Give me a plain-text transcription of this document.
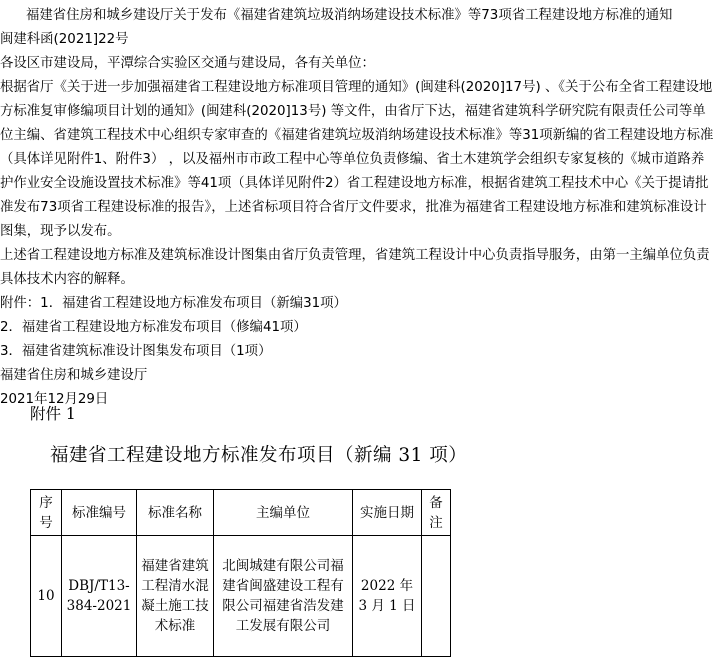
福建省住房和城乡建设厅关于发布《福建省建筑垃圾消纳场建设技术标准》等73项省工程建设地方标准的通知

闽建科函(2021]22号

各设区市建设局，平潭综合实验区交通与建设局，各有关单位：

根据省厅《关于进一步加强福建省工程建设地方标准项目管理的通知》(闽建科(2020]17号) 、《关于公布全省工程建设地方标准复审修编项目计划的通知》(闽建科(2020]13号) 等文件，由省厅下达，福建省建筑科学研究院有限责任公司等单位主编、省建筑工程技术中心组织专家审查的《福建省建筑垃圾消纳场建设技术标准》等31项新编的省工程建设地方标准（具体详见附件1、附件3） ，以及福州市市政工程中心等单位负责修编、省土木建筑学会组织专家复核的《城市道路养护作业安全设施设置技术标准》等41项（具体详见附件2）省工程建设地方标准，根据省建筑工程技术中心《关于提请批准发布73项省工程建设标准的报告》，上述省标项目符合省厅文件要求，批准为福建省工程建设地方标准和建筑标准设计图集，现予以发布。

上述省工程建设地方标准及建筑标准设计图集由省厅负责管理，省建筑工程设计中心负责指导服务，由第一主编单位负责具体技术内容的解释。

附件：1．福建省工程建设地方标准发布项目（新编31项）

2．福建省工程建设地方标准发布项目（修编41项）

3．福建省建筑标准设计图集发布项目（1项）

福建省住房和城乡建设厅

2021年12月29日

附件 1
福建省工程建设地方标准发布项目（新编 31 项）
序号	标准编号	标准名称	主编单位	实施日期	备注
10	DBJ/T13-384-2021	福建省建筑工程清水混凝土施工技术标准	北闽城建有限公司福建省闽盛建设工程有限公司福建省浩发建工发展有限公司	2022 年 3 月 1 日	
